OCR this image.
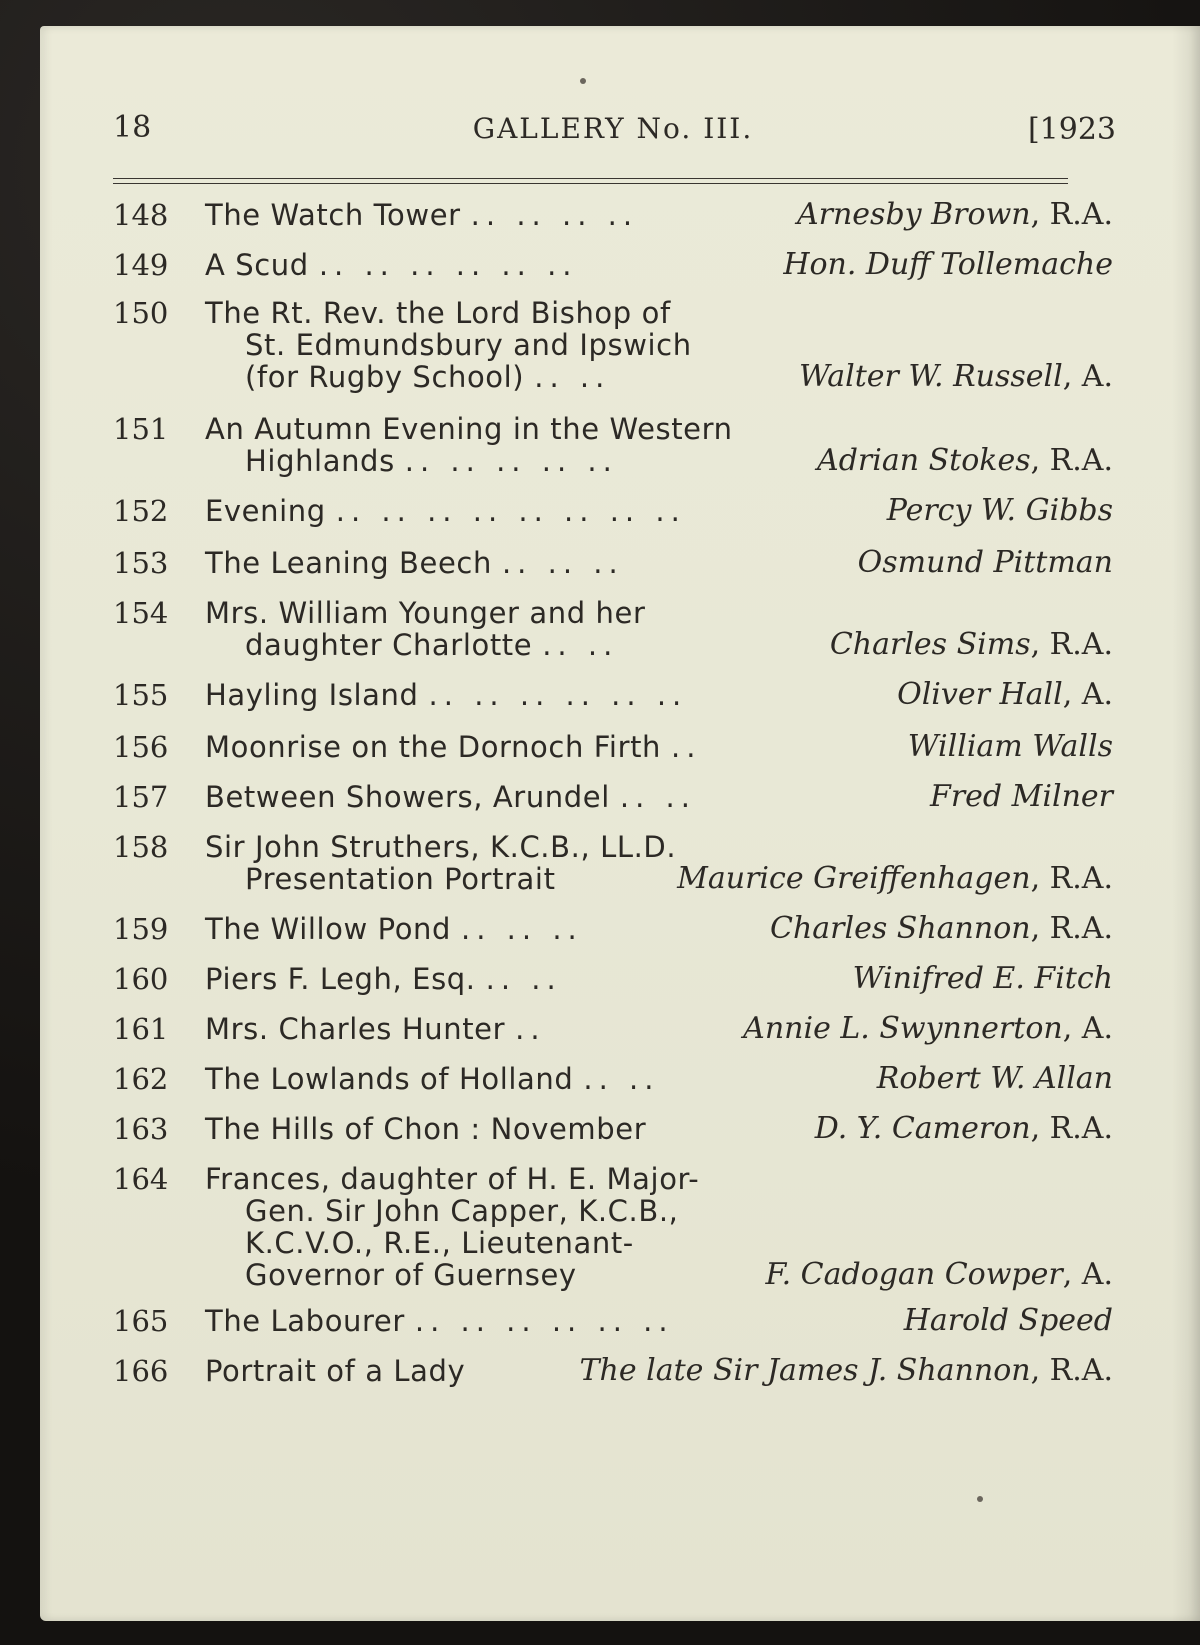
18	GALLERY No. III.	[1923
148	The Watch Tower .. .. .. ..	Arnesby Brown, R.A.
149	A Scud .. .. .. .. .. ..	Hon. Duff Tollemache
150	The Rt. Rev. the Lord Bishop of
St. Edmundsbury and Ipswich
(for Rugby School) .. ..	Walter W. Russell, A.
151	An Autumn Evening in the Western
Highlands .. .. .. .. ..	Adrian Stokes, R.A.
152	Evening .. .. .. .. .. .. .. ..	Percy W. Gibbs
153	The Leaning Beech .. .. ..	Osmund Pittman
154	Mrs. William Younger and her
daughter Charlotte .. ..	Charles Sims, R.A.
155	Hayling Island .. .. .. .. .. ..	Oliver Hall, A.
156	Moonrise on the Dornoch Firth ..	William Walls
157	Between Showers, Arundel .. ..	Fred Milner
158	Sir John Struthers, K.C.B., LL.D.
Presentation Portrait	Maurice Greiffenhagen, R.A.
159	The Willow Pond .. .. ..	Charles Shannon, R.A.
160	Piers F. Legh, Esq. .. ..	Winifred E. Fitch
161	Mrs. Charles Hunter ..	Annie L. Swynnerton, A.
162	The Lowlands of Holland .. ..	Robert W. Allan
163	The Hills of Chon : November	D. Y. Cameron, R.A.
164	Frances, daughter of H. E. Major-
Gen. Sir John Capper, K.C.B.,
K.C.V.O., R.E., Lieutenant-
Governor of Guernsey	F. Cadogan Cowper, A.
165	The Labourer .. .. .. .. .. ..	Harold Speed
166	Portrait of a Lady	The late Sir James J. Shannon, R.A.
